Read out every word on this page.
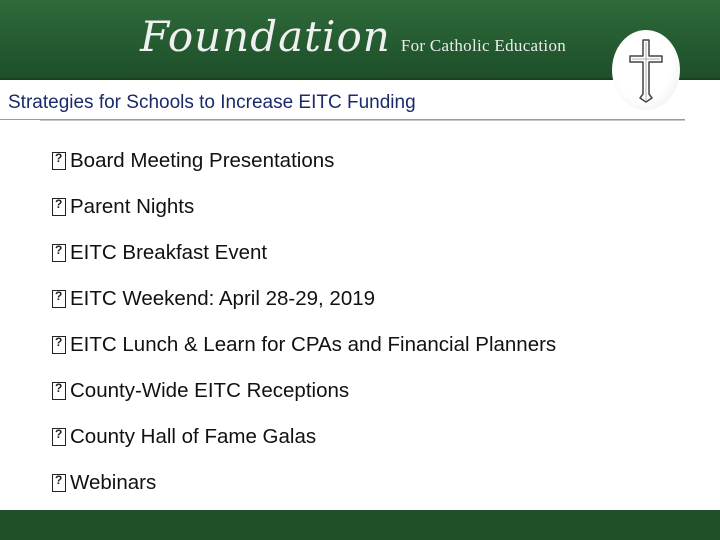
Foundation For Catholic Education
Strategies for Schools to Increase EITC Funding
?
Board Meeting Presentations
?
Parent Nights
?
EITC Breakfast Event
?
EITC Weekend: April 28-29, 2019
?
EITC Lunch & Learn for CPAs and Financial Planners
?
County-Wide EITC Receptions
?
County Hall of Fame Galas
?
Webinars
